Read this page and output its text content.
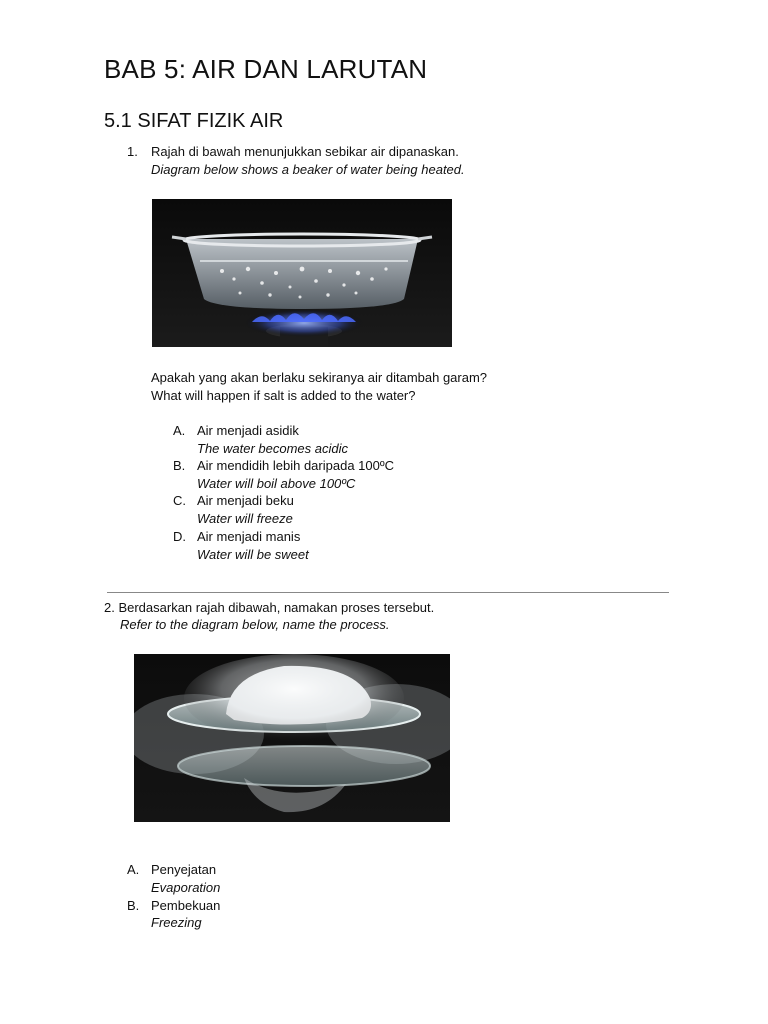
BAB 5: AIR DAN LARUTAN
5.1 SIFAT FIZIK AIR
1. Rajah di bawah menunjukkan sebikar air dipanaskan.
Diagram below shows a beaker of water being heated.
Apakah yang akan berlaku sekiranya air ditambah garam?
What will happen if salt is added to the water?
A. Air menjadi asidik
The water becomes acidic
B. Air mendidih lebih daripada 100ºC
Water will boil above 100ºC
C. Air menjadi beku
Water will freeze
D. Air menjadi manis
Water will be sweet
2. Berdasarkan rajah dibawah, namakan proses tersebut.
Refer to the diagram below, name the process.
A. Penyejatan
Evaporation
B. Pembekuan
Freezing
